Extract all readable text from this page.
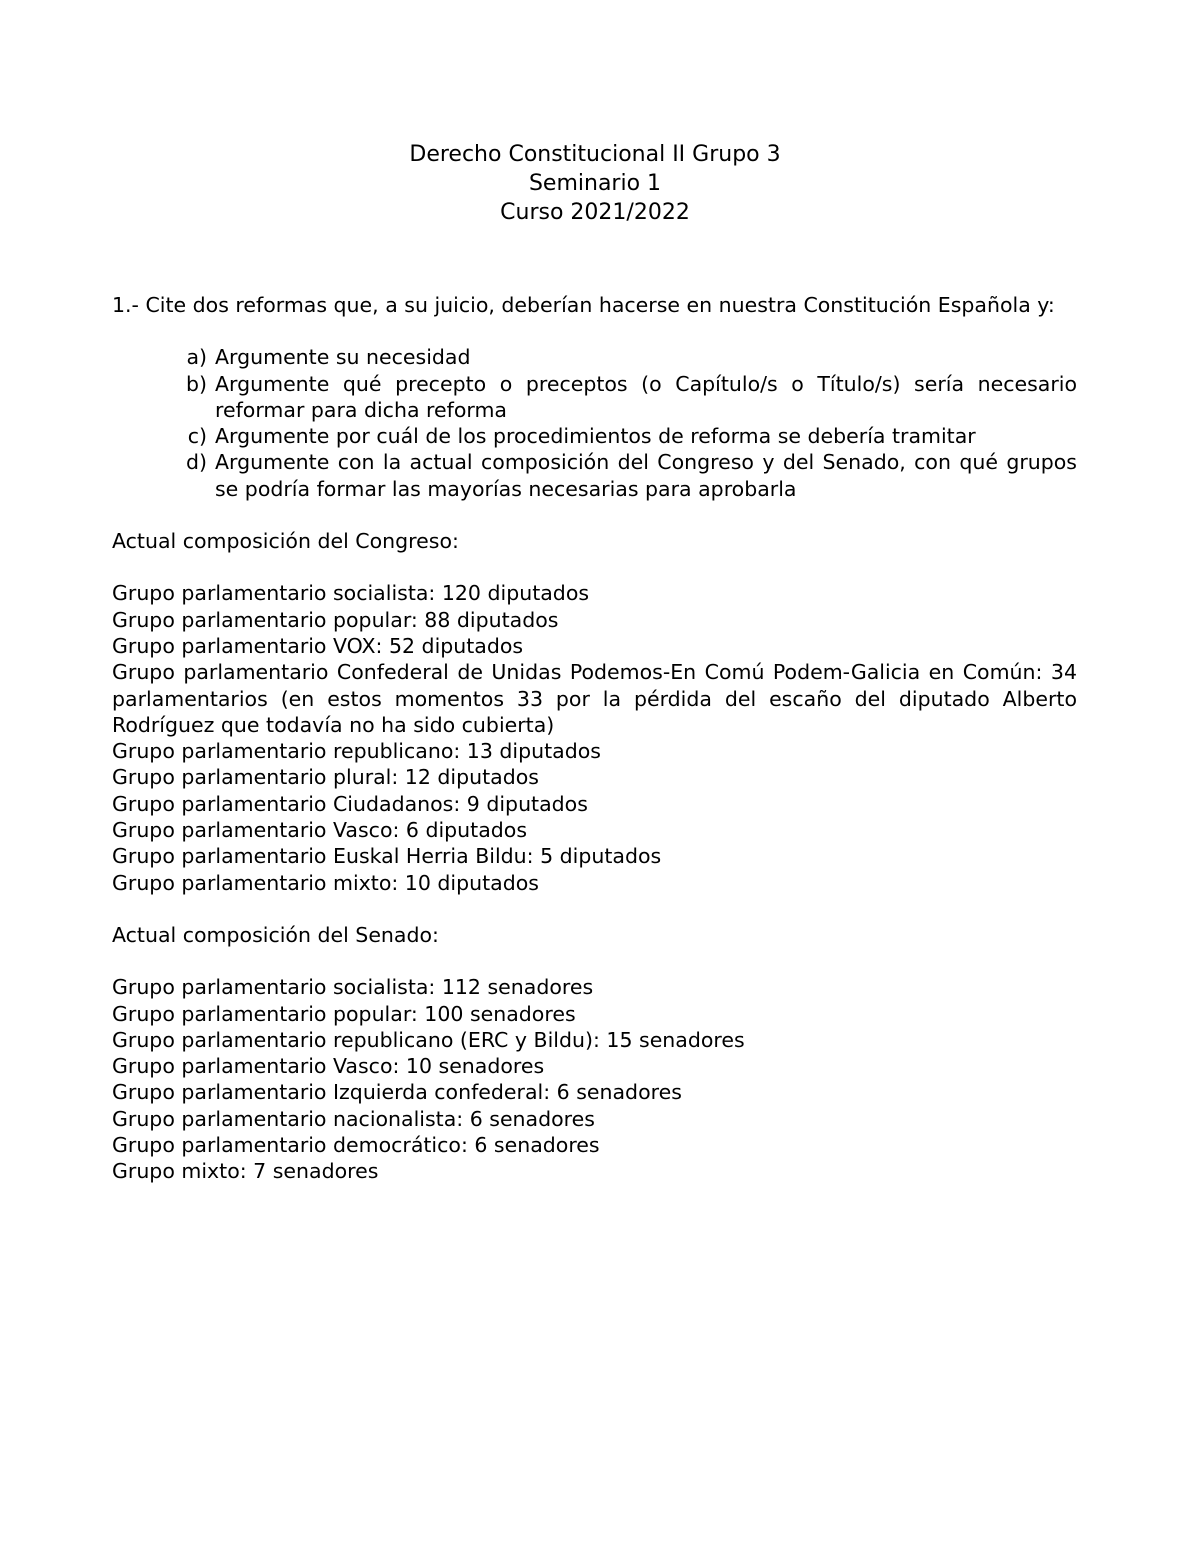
Derecho Constitucional II Grupo 3
Seminario 1
Curso 2021/2022

1.- Cite dos reformas que, a su juicio, deberían hacerse en nuestra Constitución Española y:

a) Argumente su necesidad
b) Argumente qué precepto o preceptos (o Capítulo/s o Título/s) sería necesario reformar para dicha reforma
c) Argumente por cuál de los procedimientos de reforma se debería tramitar
d) Argumente con la actual composición del Congreso y del Senado, con qué grupos se podría formar las mayorías necesarias para aprobarla

Actual composición del Congreso:

Grupo parlamentario socialista: 120 diputados
Grupo parlamentario popular: 88 diputados
Grupo parlamentario VOX: 52 diputados
Grupo parlamentario Confederal de Unidas Podemos-En Comú Podem-Galicia en Común: 34 parlamentarios (en estos momentos 33 por la pérdida del escaño del diputado Alberto Rodríguez que todavía no ha sido cubierta)
Grupo parlamentario republicano: 13 diputados
Grupo parlamentario plural: 12 diputados
Grupo parlamentario Ciudadanos: 9 diputados
Grupo parlamentario Vasco: 6 diputados
Grupo parlamentario Euskal Herria Bildu: 5 diputados
Grupo parlamentario mixto: 10 diputados

Actual composición del Senado:

Grupo parlamentario socialista: 112 senadores
Grupo parlamentario popular: 100 senadores
Grupo parlamentario republicano (ERC y Bildu): 15 senadores
Grupo parlamentario Vasco: 10 senadores
Grupo parlamentario Izquierda confederal: 6 senadores
Grupo parlamentario nacionalista: 6 senadores
Grupo parlamentario democrático: 6 senadores
Grupo mixto: 7 senadores
